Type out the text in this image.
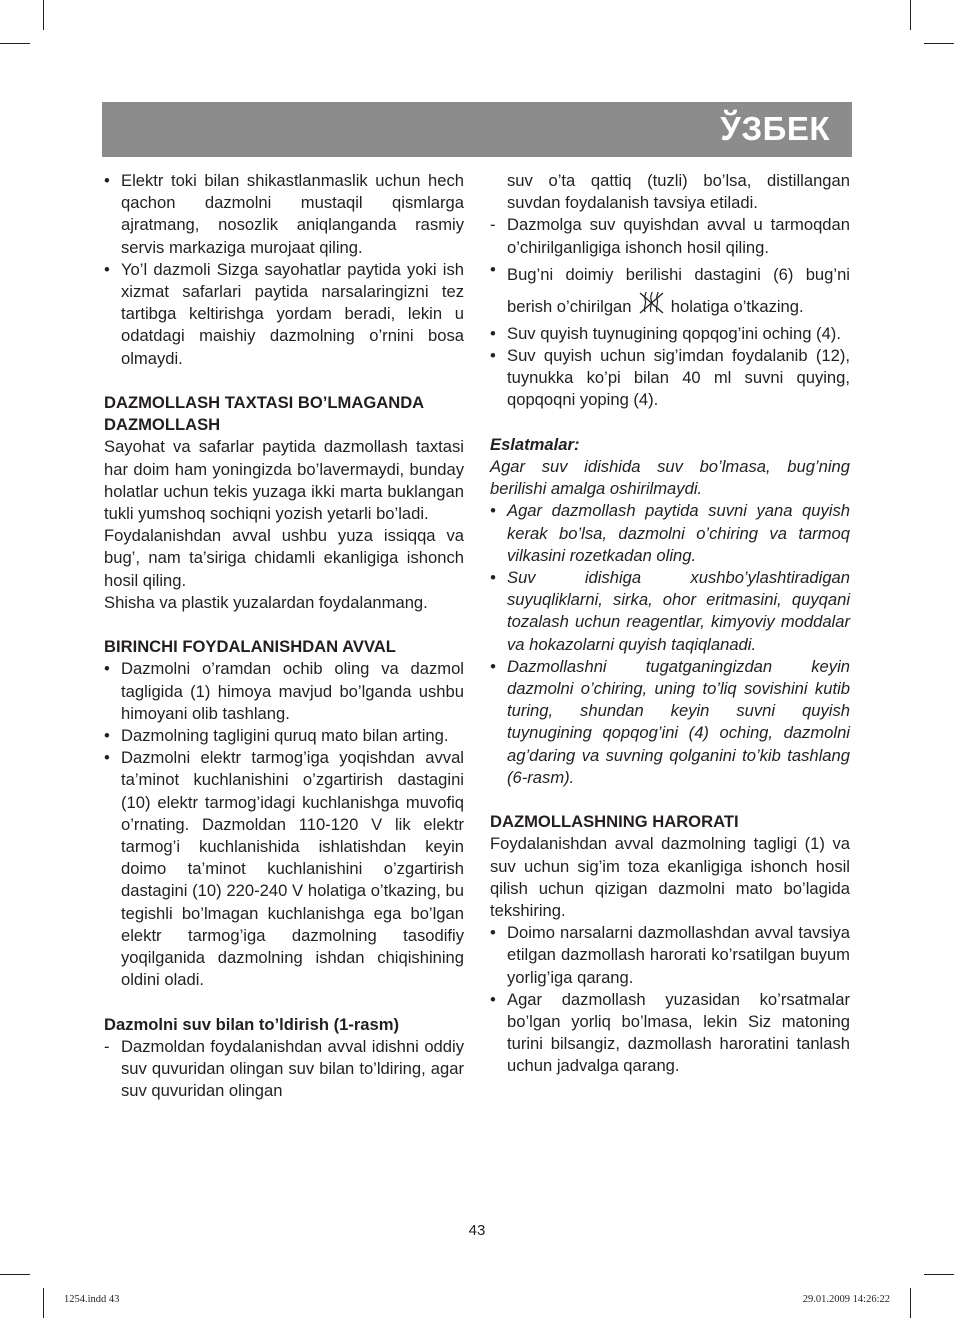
ЎЗБЕК
• Elektr toki bilan shikastlanmaslik uchun hech qachon dazmolni mustaqil qismlarga ajratmang, nosozlik aniqlanganda rasmiy servis markaziga murojaat qiling.
• Yo’l dazmoli Sizga sayohatlar paytida yoki ish xizmat safarlari paytida narsalaringizni tez tartibga keltirishga yordam beradi, lekin u odatdagi maishiy dazmolning o’rnini bosa olmaydi.

DAZMOLLASH TAXTASI BO’LMAGANDA DAZMOLLASH

Sayohat va safarlar paytida dazmollash taxtasi har doim ham yoningizda bo’lavermaydi, bunday holatlar uchun tekis yuzaga ikki marta buklangan tukli yumshoq sochiqni yozish yetarli bo’ladi.

Foydalanishdan avval ushbu yuza issiqqa va bug’, nam ta’siriga chidamli ekanligiga ishonch hosil qiling.

Shisha va plastik yuzalardan foydalanmang.

BIRINCHI FOYDALANISHDAN AVVAL

• Dazmolni o’ramdan ochib oling va dazmol tagligida (1) himoya mavjud bo’lganda ushbu himoyani olib tashlang.
• Dazmolning tagligini quruq mato bilan arting.
• Dazmolni elektr tarmog’iga yoqishdan avval ta’minot kuchlanishini o’zgartirish dastagini (10) elektr tarmog’idagi kuchlanishga muvofiq o’rnating. Dazmoldan 110-120 V lik elektr tarmog’i kuchlanishida ishlatishdan keyin doimo ta’minot kuchlanishini o’zgartirish dastagini (10) 220-240 V holatiga o’tkazing, bu tegishli bo’lmagan kuchlanishga ega bo’lgan elektr tarmog’iga dazmolning tasodifiy yoqilganida dazmolning ishdan chiqishining oldini oladi.

Dazmolni suv bilan to’ldirish (1-rasm)

- Dazmoldan foydalanishdan avval idishni oddiy suv quvuridan olingan suv bilan to’ldiring, agar suv quvuridan olingan

suv o’ta qattiq (tuzli) bo’lsa, distillangan suvdan foydalanish tavsiya etiladi.

- Dazmolga suv quyishdan avval u tarmoqdan o’chirilganligiga ishonch hosil qiling.
• Bug’ni doimiy berilishi dastagini (6) bug’ni berish o’chirilgan holatiga o’tkazing.
• Suv quyish tuynugining qopqog’ini oching (4).
• Suv quyish uchun sig’imdan foydalanib (12), tuynukka ko’pi bilan 40 ml suvni quying, qopqoqni yoping (4).

Eslatmalar:

Agar suv idishida suv bo’lmasa, bug’ning berilishi amalga oshirilmaydi.

• Agar dazmollash paytida suvni yana quyish kerak bo’lsa, dazmolni o’chiring va tarmoq vilkasini rozetkadan oling.
• Suv idishiga xushbo’ylashtiradigan suyuqliklarni, sirka, ohor eritmasini, quyqani tozalash uchun reagentlar, kimyoviy moddalar va hokazolarni quyish taqiqlanadi.
• Dazmollashni tugatganingizdan keyin dazmolni o’chiring, uning to’liq sovishini kutib turing, shundan keyin suvni quyish tuynugining qopqog’ini (4) oching, dazmolni ag’daring va suvning qolganini to’kib tashlang (6-rasm).

DAZMOLLASHNING HARORATI

Foydalanishdan avval dazmolning tagligi (1) va suv uchun sig’im toza ekanligiga ishonch hosil qilish uchun qizigan dazmolni mato bo’lagida tekshiring.

• Doimo narsalarni dazmollashdan avval tavsiya etilgan dazmollash harorati ko’rsatilgan buyum yorlig’iga qarang.
• Agar dazmollash yuzasidan ko’rsatmalar bo’lgan yorliq bo’lmasa, lekin Siz matoning turini bilsangiz, dazmollash haroratini tanlash uchun jadvalga qarang.
43
1254.indd 43	29.01.2009 14:26:22
